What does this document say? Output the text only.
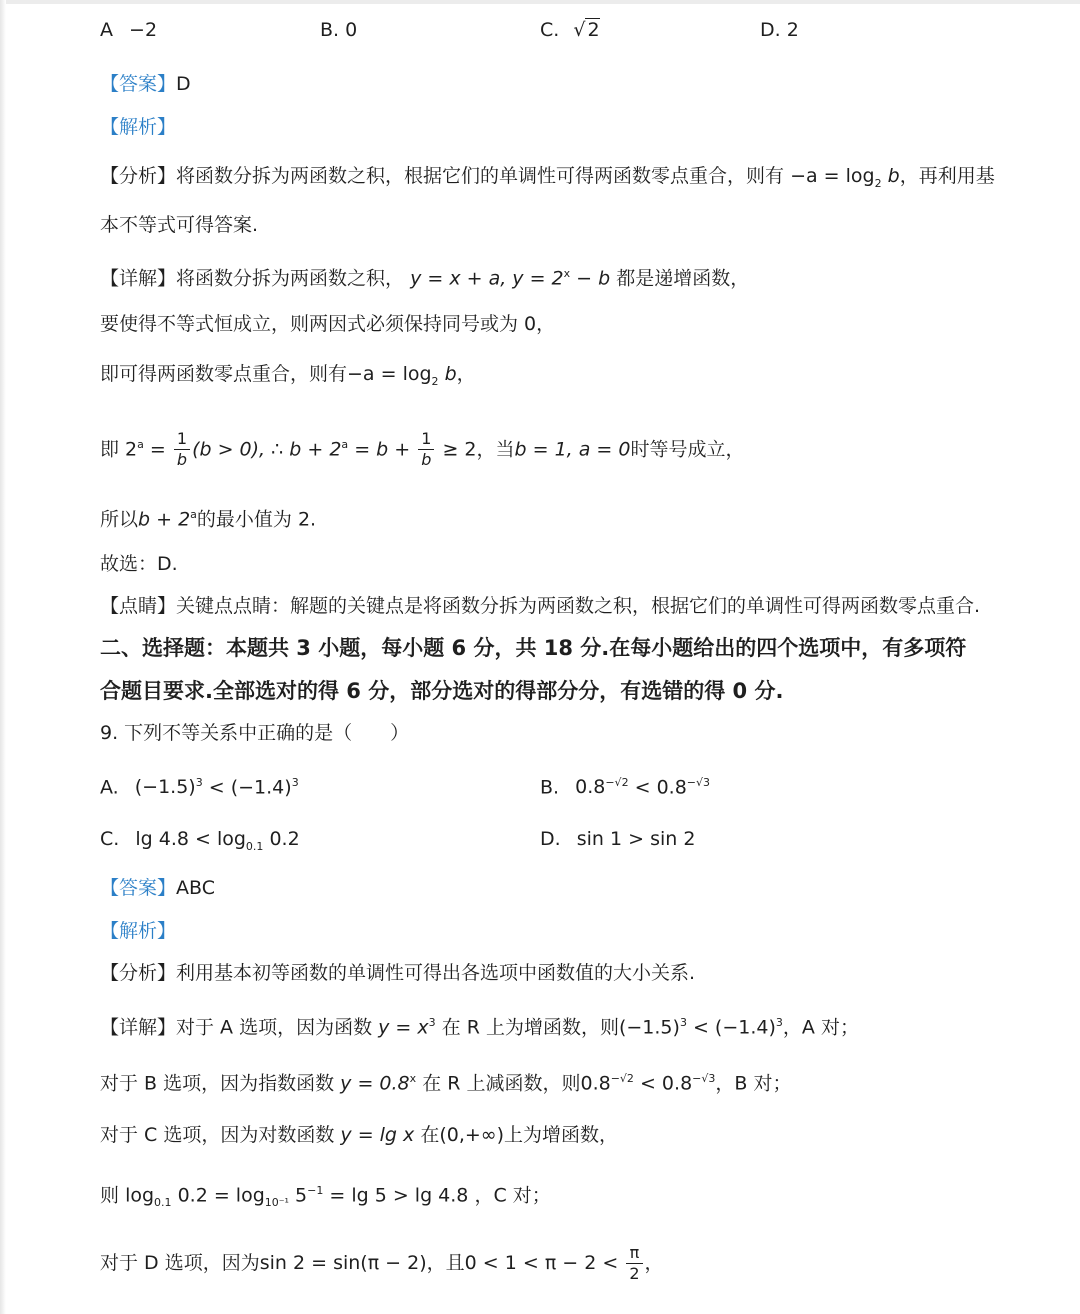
A −2	B. 0	C. √ 2	D. 2
【答案】D
【解析】
【分析】将函数分拆为两函数之积，根据它们的单调性可得两函数零点重合，则有 $-a = \log_2 b$，再利用基
本不等式可得答案.
【详解】将函数分拆为两函数之积， y = x + a, $y = 2^x - b$ 都是递增函数，
要使得不等式恒成立，则两因式必须保持同号或为 0，
即可得两函数零点重合，则有$-a = \log_2 b$，
即 $2^a = \frac{1}{b} (b > 0)$, ∴ $b + 2^a = b + \frac{1}{b} \ge 2$，当b = 1, a = 0时等号成立，
所以$b + 2^a$的最小值为 2.
故选：D.
【点睛】关键点点睛：解题的关键点是将函数分拆为两函数之积，根据它们的单调性可得两函数零点重合.
二、选择题：本题共 3 小题，每小题 6 分，共 18 分.在每小题给出的四个选项中，有多项符
合题目要求.全部选对的得 6 分，部分选对的得部分分，有选错的得 0 分.
9. 下列不等关系中正确的是（　　）
A. $(-1.5)^3 < (-1.4)^3$	B. $0.8^{-√2} < 0.8^{-√3}$
C. $\lg 4.8 < \log_{0.1} 0.2$	D. sin 1 > sin 2
【答案】ABC
【解析】
【分析】利用基本初等函数的单调性可得出各选项中函数值的大小关系.
【详解】对于 A 选项，因为函数 $y = x^3$ 在 R 上为增函数，则$(-1.5)^3 < (-1.4)^3$，A 对；
对于 B 选项，因为指数函数 $y = 0.8^x$ 在 R 上减函数，则$0.8^{-√2} < 0.8^{-√3}$，B 对；
对于 C 选项，因为对数函数 y = lg x 在(0,+∞)上为增函数，
则 $\log_{0.1} 0.2 = \log_{10^{-1}} 5^{-1} = \lg 5 > \lg 4.8$ ，C 对；
对于 D 选项，因为sin 2 = sin(π − 2)，且$0 < 1 < \pi - 2 < \frac{\pi}{2}$ ，
